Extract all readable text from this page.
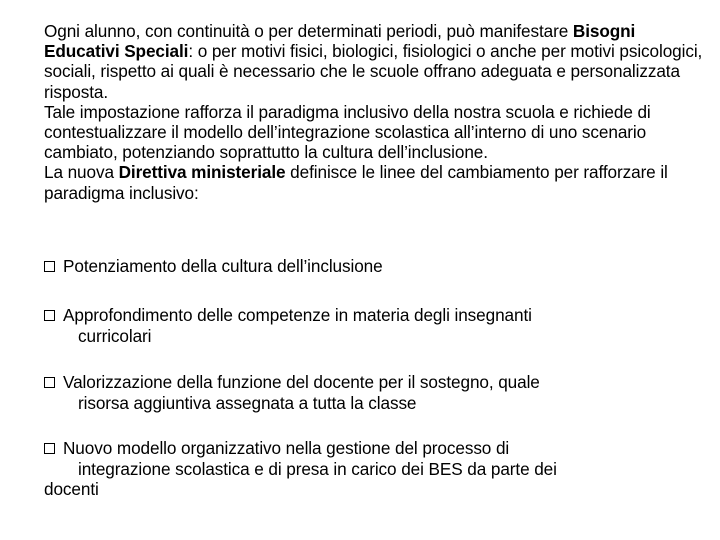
Ogni alunno, con continuità o per determinati periodi, può manifestare Bisogni Educativi Speciali: o per motivi fisici, biologici, fisiologici o anche per motivi psicologici, sociali, rispetto ai quali è necessario che le scuole offrano adeguata e personalizzata risposta.

Tale impostazione rafforza il paradigma inclusivo della nostra scuola e richiede di contestualizzare il modello dell’integrazione scolastica all’interno di uno scenario cambiato, potenziando soprattutto la cultura dell’inclusione.

La nuova Direttiva ministeriale definisce le linee del cambiamento per rafforzare il paradigma inclusivo:

Potenziamento della cultura dell’inclusione
Approfondimento delle competenze in materia degli insegnanti
curricolari
Valorizzazione della funzione del docente per il sostegno, quale
risorsa aggiuntiva assegnata a tutta la classe
Nuovo modello organizzativo nella gestione del processo di
integrazione scolastica e di presa in carico dei BES da parte dei
docenti
